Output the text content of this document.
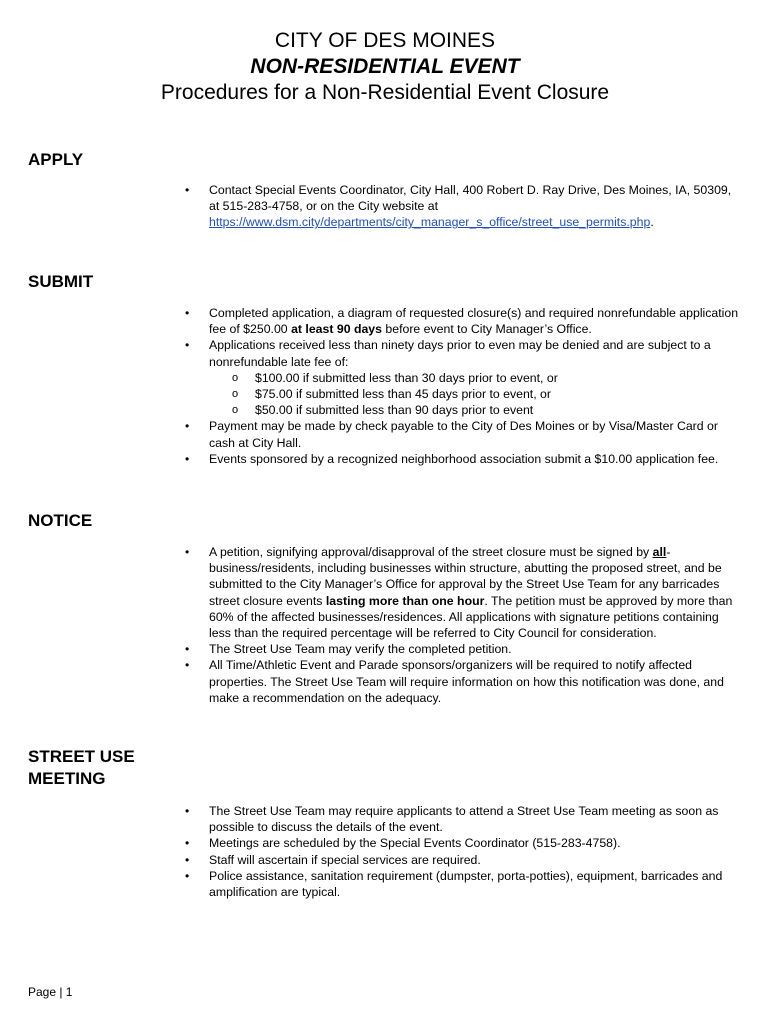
CITY OF DES MOINES
NON-RESIDENTIAL EVENT
Procedures for a Non-Residential Event Closure
APPLY
• Contact Special Events Coordinator, City Hall, 400 Robert D. Ray Drive, Des Moines, IA, 50309, at 515-283-4758, or on the City website at https://www.dsm.city/departments/city_manager_s_office/street_use_permits.php.
SUBMIT
• Completed application, a diagram of requested closure(s) and required nonrefundable application fee of $250.00 at least 90 days before event to City Manager’s Office.
• Applications received less than ninety days prior to even may be denied and are subject to a nonrefundable late fee of:
o $100.00 if submitted less than 30 days prior to event, or
o $75.00 if submitted less than 45 days prior to event, or
o $50.00 if submitted less than 90 days prior to event
• Payment may be made by check payable to the City of Des Moines or by Visa/Master Card or cash at City Hall.
• Events sponsored by a recognized neighborhood association submit a $10.00 application fee.
NOTICE
• A petition, signifying approval/disapproval of the street closure must be signed by all-business/residents, including businesses within structure, abutting the proposed street, and be submitted to the City Manager’s Office for approval by the Street Use Team for any barricades street closure events lasting more than one hour. The petition must be approved by more than 60% of the affected businesses/residences. All applications with signature petitions containing less than the required percentage will be referred to City Council for consideration.
• The Street Use Team may verify the completed petition.
• All Time/Athletic Event and Parade sponsors/organizers will be required to notify affected properties. The Street Use Team will require information on how this notification was done, and make a recommendation on the adequacy.
STREET USE
MEETING
• The Street Use Team may require applicants to attend a Street Use Team meeting as soon as possible to discuss the details of the event.
• Meetings are scheduled by the Special Events Coordinator (515-283-4758).
• Staff will ascertain if special services are required.
• Police assistance, sanitation requirement (dumpster, porta-potties), equipment, barricades and amplification are typical.
Page | 1
